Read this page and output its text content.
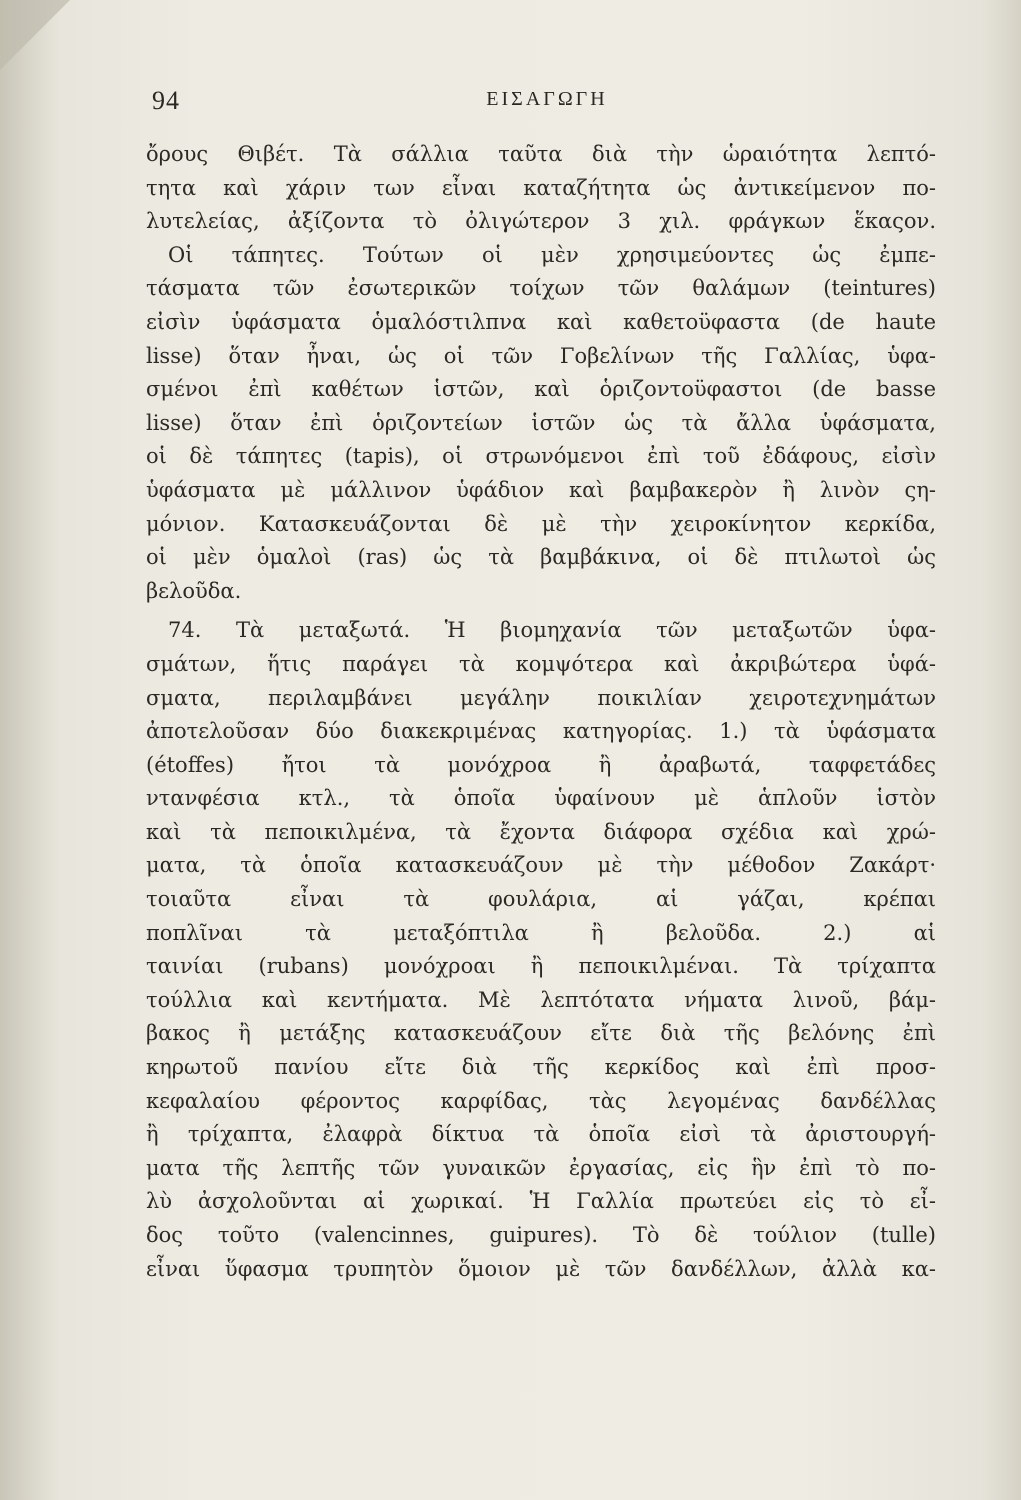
94	ΕΙΣΑΓΩΓΗ
ὄρους Θιβέτ. Τὰ σάλλια ταῦτα διὰ τὴν ὡραιότητα λεπτό-
τητα καὶ χάριν των εἶναι καταζήτητα ὡς ἀντικείμενον πο-
λυτελείας, ἀξίζοντα τὸ ὀλιγώτερον 3 χιλ. φράγκων ἕκαςον.
Οἱ τάπητες. Τούτων οἱ μὲν χρησιμεύοντες ὡς ἐμπε-
τάσματα τῶν ἐσωτερικῶν τοίχων τῶν θαλάμων (teintures)
εἰσὶν ὑφάσματα ὁμαλόστιλπνα καὶ καθετοϋφαστα (de haute
lisse) ὅταν ἦναι, ὡς οἱ τῶν Γοβελίνων τῆς Γαλλίας, ὑφα-
σμένοι ἐπὶ καθέτων ἱστῶν, καὶ ὁριζοντοϋφαστοι (de basse
lisse) ὅταν ἐπὶ ὁριζοντείων ἱστῶν ὡς τὰ ἄλλα ὑφάσματα,
οἱ δὲ τάπητες (tapis), οἱ στρωνόμενοι ἐπὶ τοῦ ἐδάφους, εἰσὶν
ὑφάσματα μὲ μάλλινον ὑφάδιον καὶ βαμβακερὸν ἢ λινὸν ςη-
μόνιον. Κατασκευάζονται δὲ μὲ τὴν χειροκίνητον κερκίδα,
οἱ μὲν ὁμαλοὶ (ras) ὡς τὰ βαμβάκινα, οἱ δὲ πτιλωτοὶ ὡς
βελοῦδα.
74. Τὰ μεταξωτά. Ἡ βιομηχανία τῶν μεταξωτῶν ὑφα-
σμάτων, ἥτις παράγει τὰ κομψότερα καὶ ἀκριβώτερα ὑφά-
σματα, περιλαμβάνει μεγάλην ποικιλίαν χειροτεχνημάτων
ἀποτελοῦσαν δύο διακεκριμένας κατηγορίας. 1.) τὰ ὑφάσματα
(étoffes) ἤτοι τὰ μονόχροα ἢ ἀραβωτά, ταφφετάδες
ντανφέσια κτλ., τὰ ὁποῖα ὑφαίνουν μὲ ἁπλοῦν ἱστὸν
καὶ τὰ πεποικιλμένα, τὰ ἔχοντα διάφορα σχέδια καὶ χρώ-
ματα, τὰ ὁποῖα κατασκευάζουν μὲ τὴν μέθοδον Ζακάρτ·
τοιαῦτα εἶναι τὰ φουλάρια, αἱ γάζαι, κρέπαι
ποπλῖναι τὰ μεταξόπτιλα ἢ βελοῦδα. 2.) αἱ
ταινίαι (rubans) μονόχροαι ἢ πεποικιλμέναι. Τὰ τρίχαπτα
τούλλια καὶ κεντήματα. Μὲ λεπτότατα νήματα λινοῦ, βάμ-
βακος ἢ μετάξης κατασκευάζουν εἴτε διὰ τῆς βελόνης ἐπὶ
κηρωτοῦ πανίου εἴτε διὰ τῆς κερκίδος καὶ ἐπὶ προσ-
κεφαλαίου φέροντος καρφίδας, τὰς λεγομένας δανδέλλας
ἢ τρίχαπτα, ἐλαφρὰ δίκτυα τὰ ὁποῖα εἰσὶ τὰ ἀριστουργή-
ματα τῆς λεπτῆς τῶν γυναικῶν ἐργασίας, εἰς ἣν ἐπὶ τὸ πο-
λὺ ἀσχολοῦνται αἱ χωρικαί. Ἡ Γαλλία πρωτεύει εἰς τὸ εἶ-
δος τοῦτο (valencinnes, guipures). Τὸ δὲ τούλιον (tulle)
εἶναι ὕφασμα τρυπητὸν ὅμοιον μὲ τῶν δανδέλλων, ἀλλὰ κα-
